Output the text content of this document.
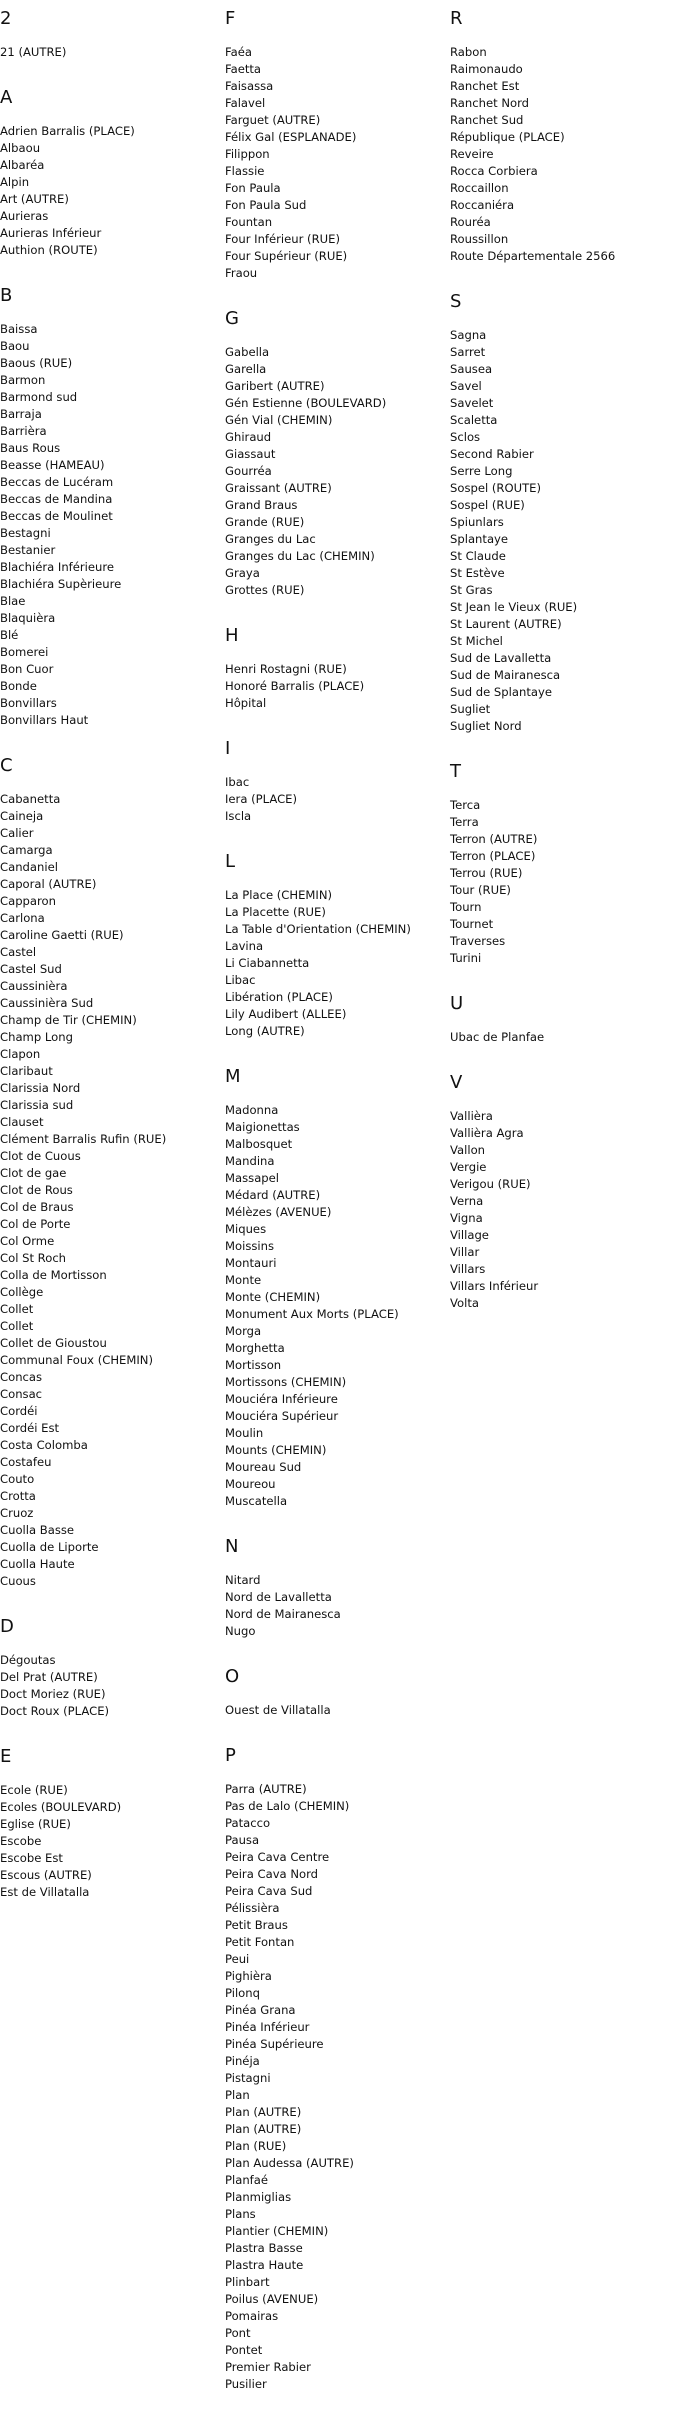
2
21 (AUTRE)
A
Adrien Barralis (PLACE)
Albaou
Albaréa
Alpin
Art (AUTRE)
Aurieras
Aurieras Inférieur
Authion (ROUTE)
B
Baissa
Baou
Baous (RUE)
Barmon
Barmond sud
Barraja
Barrièra
Baus Rous
Beasse (HAMEAU)
Beccas de Lucéram
Beccas de Mandina
Beccas de Moulinet
Bestagni
Bestanier
Blachiéra Inférieure
Blachiéra Supèrieure
Blae
Blaquièra
Blé
Bomerei
Bon Cuor
Bonde
Bonvillars
Bonvillars Haut
C
Cabanetta
Caineja
Calier
Camarga
Candaniel
Caporal (AUTRE)
Capparon
Carlona
Caroline Gaetti (RUE)
Castel
Castel Sud
Caussinièra
Caussinièra Sud
Champ de Tir (CHEMIN)
Champ Long
Clapon
Claribaut
Clarissia Nord
Clarissia sud
Clauset
Clément Barralis Rufin (RUE)
Clot de Cuous
Clot de gae
Clot de Rous
Col de Braus
Col de Porte
Col Orme
Col St Roch
Colla de Mortisson
Collège
Collet
Collet
Collet de Gioustou
Communal Foux (CHEMIN)
Concas
Consac
Cordéi
Cordéi Est
Costa Colomba
Costafeu
Couto
Crotta
Cruoz
Cuolla Basse
Cuolla de Liporte
Cuolla Haute
Cuous
D
Dégoutas
Del Prat (AUTRE)
Doct Moriez (RUE)
Doct Roux (PLACE)
E
Ecole (RUE)
Ecoles (BOULEVARD)
Eglise (RUE)
Escobe
Escobe Est
Escous (AUTRE)
Est de Villatalla
F
Faéa
Faetta
Faisassa
Falavel
Farguet (AUTRE)
Félix Gal (ESPLANADE)
Filippon
Flassie
Fon Paula
Fon Paula Sud
Fountan
Four Inférieur (RUE)
Four Supérieur (RUE)
Fraou
G
Gabella
Garella
Garibert (AUTRE)
Gén Estienne (BOULEVARD)
Gén Vial (CHEMIN)
Ghiraud
Giassaut
Gourréa
Graissant (AUTRE)
Grand Braus
Grande (RUE)
Granges du Lac
Granges du Lac (CHEMIN)
Graya
Grottes (RUE)
H
Henri Rostagni (RUE)
Honoré Barralis (PLACE)
Hôpital
I
Ibac
Iera (PLACE)
Iscla
L
La Place (CHEMIN)
La Placette (RUE)
La Table d'Orientation (CHEMIN)
Lavina
Li Ciabannetta
Libac
Libération (PLACE)
Lily Audibert (ALLEE)
Long (AUTRE)
M
Madonna
Maigionettas
Malbosquet
Mandina
Massapel
Médard (AUTRE)
Mélèzes (AVENUE)
Miques
Moissins
Montauri
Monte
Monte (CHEMIN)
Monument Aux Morts (PLACE)
Morga
Morghetta
Mortisson
Mortissons (CHEMIN)
Mouciéra Inférieure
Mouciéra Supérieur
Moulin
Mounts (CHEMIN)
Moureau Sud
Moureou
Muscatella
N
Nitard
Nord de Lavalletta
Nord de Mairanesca
Nugo
O
Ouest de Villatalla
P
Parra (AUTRE)
Pas de Lalo (CHEMIN)
Patacco
Pausa
Peira Cava Centre
Peira Cava Nord
Peira Cava Sud
Pélissièra
Petit Braus
Petit Fontan
Peui
Pighièra
Pilonq
Pinéa Grana
Pinéa Inférieur
Pinéa Supérieure
Pinéja
Pistagni
Plan
Plan (AUTRE)
Plan (AUTRE)
Plan (RUE)
Plan Audessa (AUTRE)
Planfaé
Planmiglias
Plans
Plantier (CHEMIN)
Plastra Basse
Plastra Haute
Plinbart
Poilus (AVENUE)
Pomairas
Pont
Pontet
Premier Rabier
Pusilier
R
Rabon
Raimonaudo
Ranchet Est
Ranchet Nord
Ranchet Sud
République (PLACE)
Reveire
Rocca Corbiera
Roccaillon
Roccaniéra
Rouréa
Roussillon
Route Départementale 2566
S
Sagna
Sarret
Sausea
Savel
Savelet
Scaletta
Sclos
Second Rabier
Serre Long
Sospel (ROUTE)
Sospel (RUE)
Spiunlars
Splantaye
St Claude
St Estève
St Gras
St Jean le Vieux (RUE)
St Laurent (AUTRE)
St Michel
Sud de Lavalletta
Sud de Mairanesca
Sud de Splantaye
Sugliet
Sugliet Nord
T
Terca
Terra
Terron (AUTRE)
Terron (PLACE)
Terrou (RUE)
Tour (RUE)
Tourn
Tournet
Traverses
Turini
U
Ubac de Planfae
V
Vallièra
Vallièra Agra
Vallon
Vergie
Verigou (RUE)
Verna
Vigna
Village
Villar
Villars
Villars Inférieur
Volta
